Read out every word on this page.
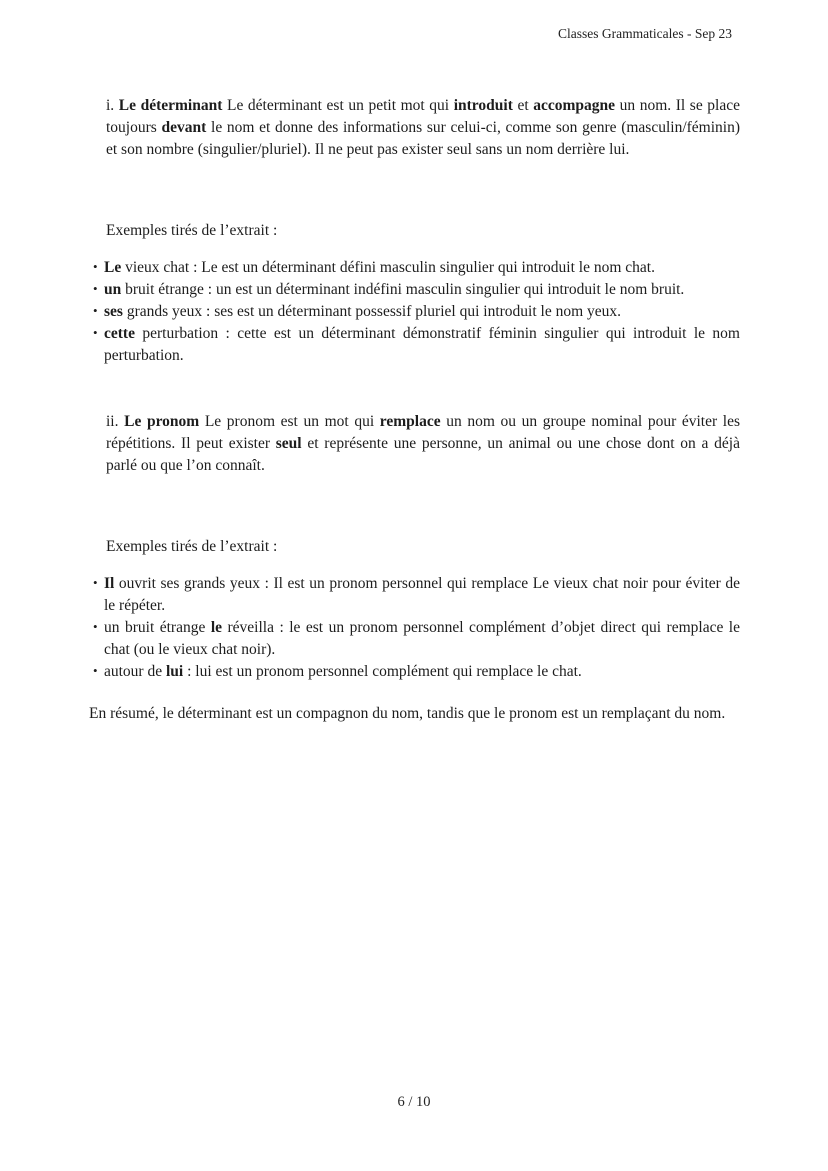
Classes Grammaticales - Sep 23

i. Le déterminant Le déterminant est un petit mot qui introduit et accompagne un nom. Il se place toujours devant le nom et donne des informations sur celui-ci, comme son genre (masculin/féminin) et son nombre (singulier/pluriel). Il ne peut pas exister seul sans un nom derrière lui.

Exemples tirés de l’extrait :

• Le vieux chat : Le est un déterminant défini masculin singulier qui introduit le nom chat.
• un bruit étrange : un est un déterminant indéfini masculin singulier qui introduit le nom bruit.
• ses grands yeux : ses est un déterminant possessif pluriel qui introduit le nom yeux.
• cette perturbation : cette est un déterminant démonstratif féminin singulier qui introduit le nom perturbation.

ii. Le pronom Le pronom est un mot qui remplace un nom ou un groupe nominal pour éviter les répétitions. Il peut exister seul et représente une personne, un animal ou une chose dont on a déjà parlé ou que l’on connaît.

Exemples tirés de l’extrait :

• Il ouvrit ses grands yeux : Il est un pronom personnel qui remplace Le vieux chat noir pour éviter de le répéter.
• un bruit étrange le réveilla : le est un pronom personnel complément d’objet direct qui remplace le chat (ou le vieux chat noir).
• autour de lui : lui est un pronom personnel complément qui remplace le chat.

En résumé, le déterminant est un compagnon du nom, tandis que le pronom est un remplaçant du nom.

6 / 10
